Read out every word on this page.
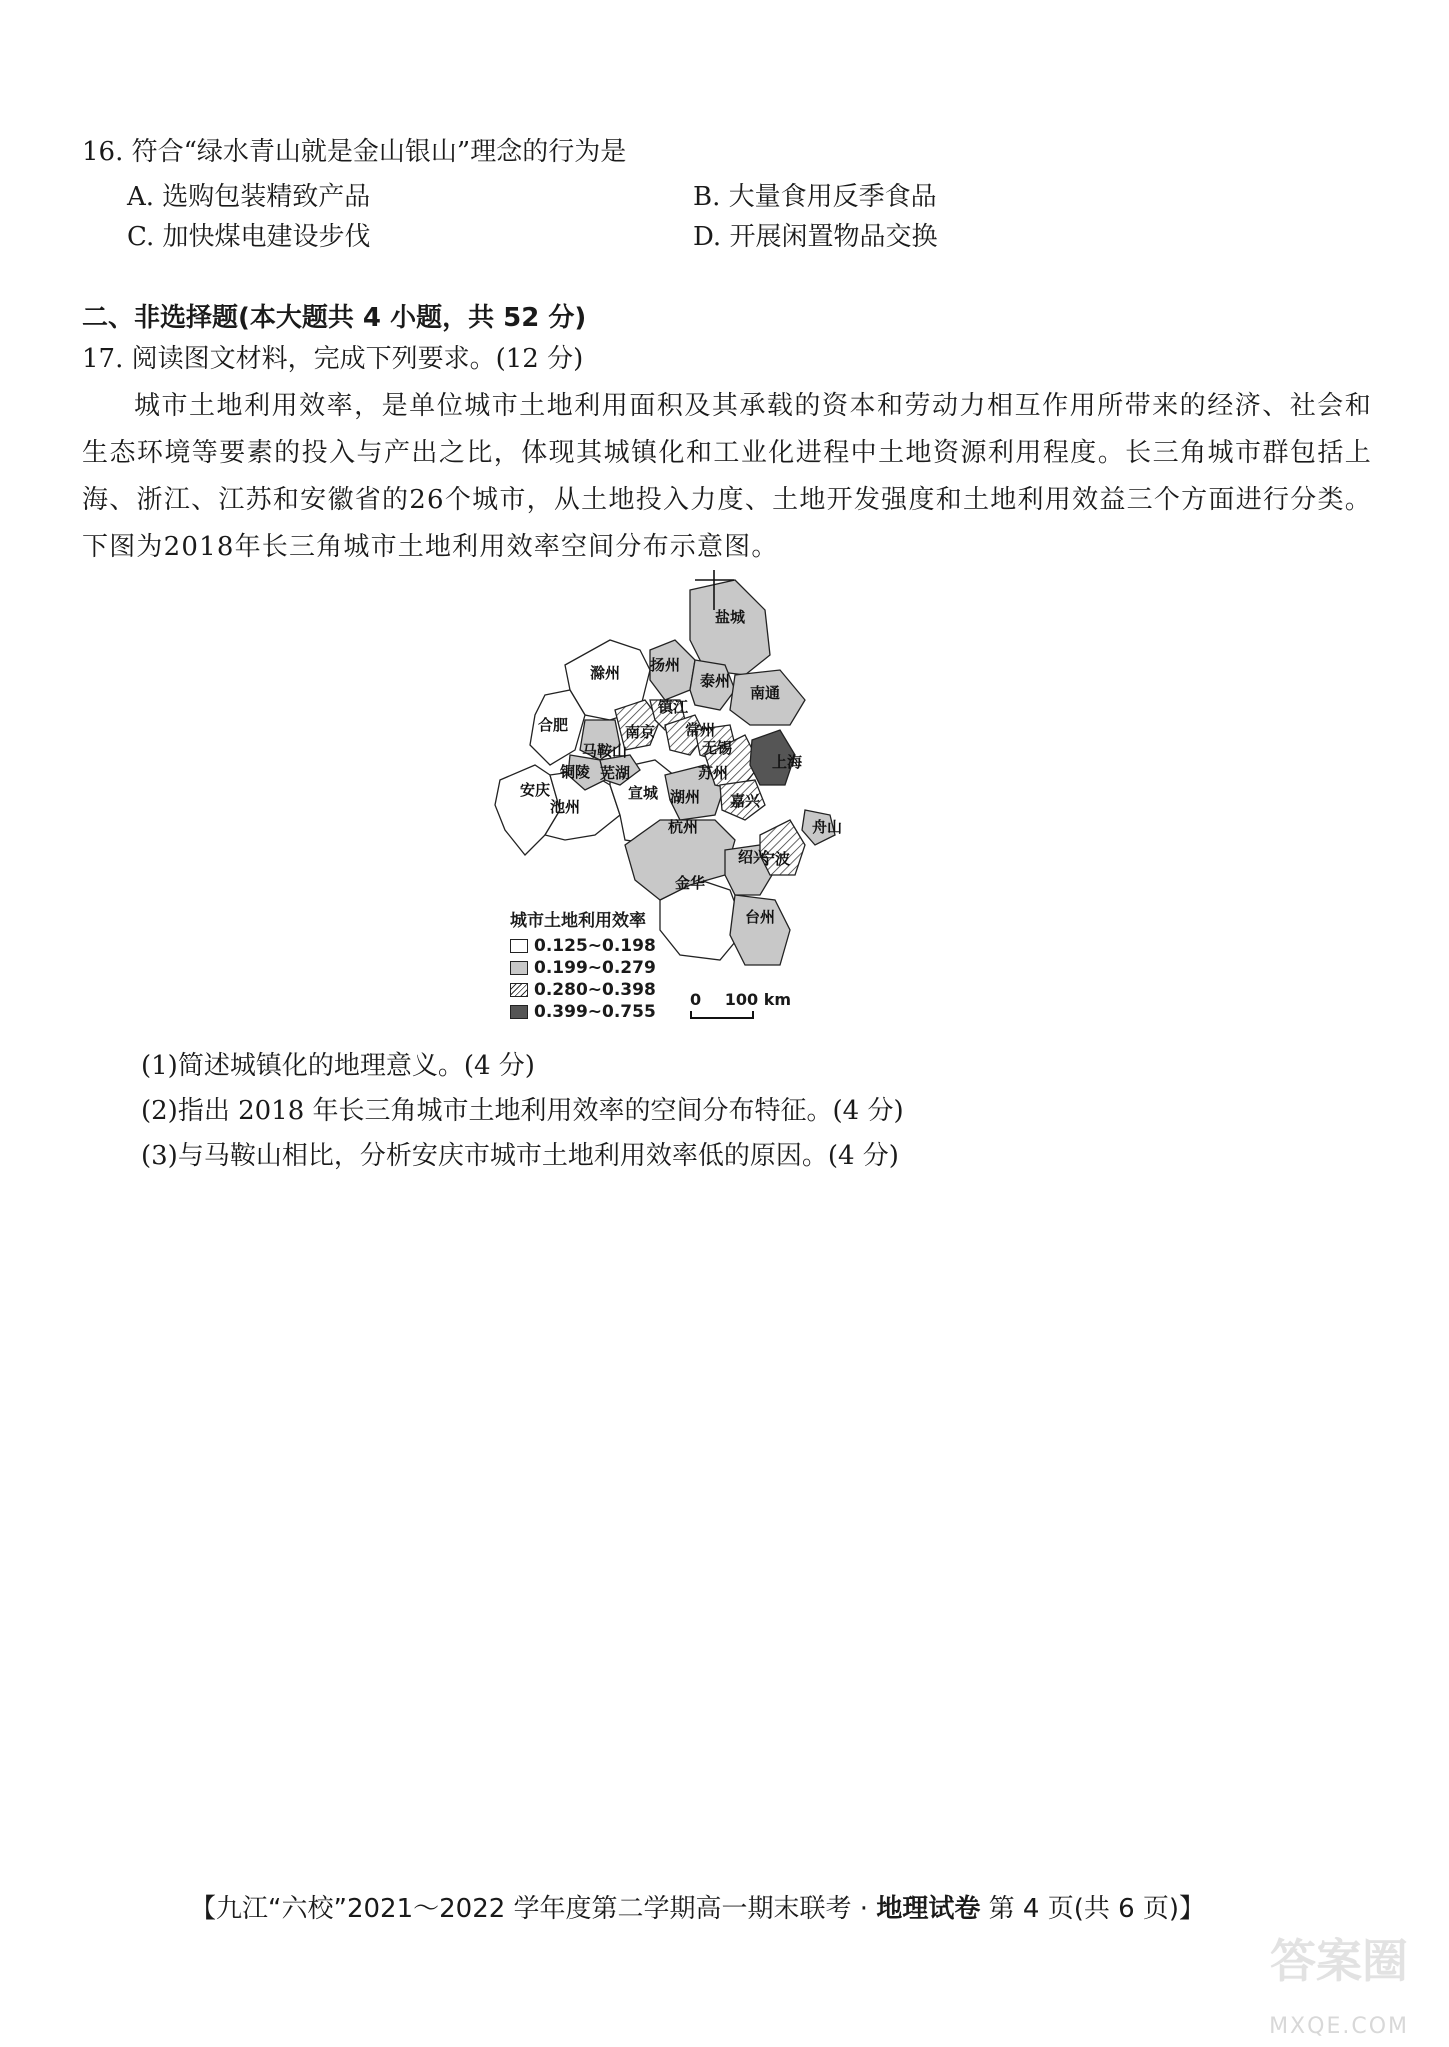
16. 符合“绿水青山就是金山银山”理念的行为是
A. 选购包装精致产品	B. 大量食用反季食品
C. 加快煤电建设步伐	D. 开展闲置物品交换
二、非选择题(本大题共 4 小题，共 52 分)
17. 阅读图文材料，完成下列要求。(12 分)
城市土地利用效率，是单位城市土地利用面积及其承载的资本和劳动力相互作用所带来的经济、社会和生态环境等要素的投入与产出之比，体现其城镇化和工业化进程中土地资源利用程度。长三角城市群包括上海、浙江、江苏和安徽省的26个城市，从土地投入力度、土地开发强度和土地利用效益三个方面进行分类。下图为2018年长三角城市土地利用效率空间分布示意图。
盐城
滁州 扬州
泰州
南通
合肥	南京
镇江
常州
马鞍山	无锡
上海
铜陵 芜湖	苏州
安庆	宣城 湖州 嘉兴
池州
杭州	舟山
绍兴
宁波
金华
台州
城市土地利用效率
0.125~0.198
0.199~0.279
0.280~0.398
0.399~0.755
0 100 km
(1)简述城镇化的地理意义。(4 分)
(2)指出 2018 年长三角城市土地利用效率的空间分布特征。(4 分)
(3)与马鞍山相比，分析安庆市城市土地利用效率低的原因。(4 分)
【九江“六校”2021～2022 学年度第二学期高一期末联考 · 地理试卷 第 4 页(共 6 页)】
答案圈
MXQE.COM
